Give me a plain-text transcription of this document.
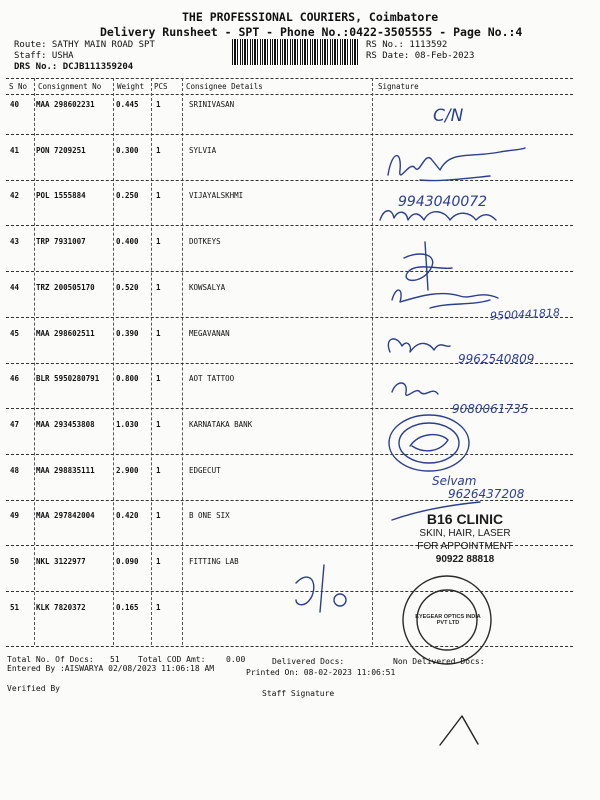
THE PROFESSIONAL COURIERS, Coimbatore
Delivery Runsheet - SPT - Phone No.:0422-3505555 - Page No.:4
Route: SATHY MAIN ROAD SPT
Staff: USHA
DRS No.: DCJB111359204
RS No.: 1113592
RS Date: 08-Feb-2023
S No Consignment No Weight PCS Consignee Details	Signature
40 MAA 298602231	0.445 1	SRINIVASAN
41 PON 7209251	0.300 1	SYLVIA
42 POL 1555884	0.250 1	VIJAYALSKHMI
43 TRP 7931007	0.400 1	DOTKEYS
44 TRZ 200505170	0.520 1	KOWSALYA
45 MAA 298602511	0.390 1	MEGAVANAN
46 BLR 5950280791 0.800 1	AOT TATTOO
47 MAA 293453808	1.030 1	KARNATAKA BANK
48 MAA 298835111	2.900 1	EDGECUT
49 MAA 297842004	0.420 1	B ONE SIX
50 NKL 3122977	0.090 1	FITTING LAB
51 KLK 7820372	0.165 1
C/N
9943040072
9500441818
9962540809
9080061735
Selvam
9626437208
B16 CLINIC
SKIN, HAIR, LASER
FOR APPOINTMENT
90922 88818
EYEGEAR OPTICS INDIA PVT LTD
Total No. Of Docs: 51 Total COD Amt:	0.00	Delivered Docs:	Non Delivered Docs:
Entered By :AISWARYA 02/08/2023 11:06:18 AM	Printed On: 08-02-2023 11:06:51
Verified By
Staff Signature
